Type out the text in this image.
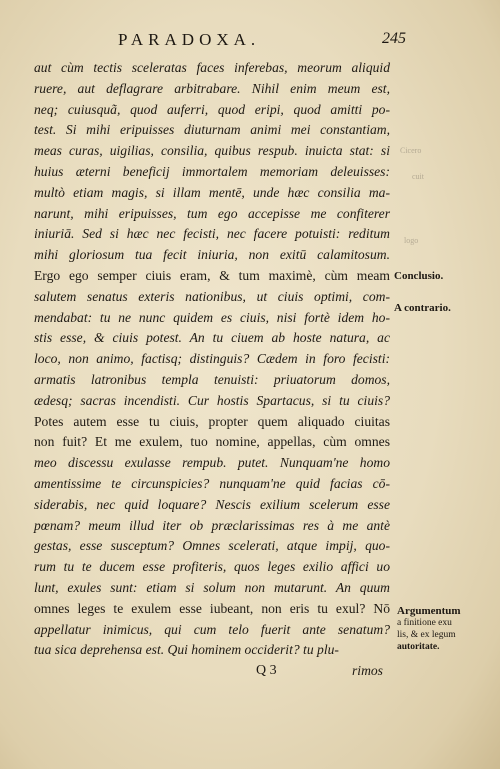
PARADOXA.	245
Cicero
cuit
logo
aut cùm tectis sceleratas faces inferebas, meorum aliquid
ruere, aut deflagrare arbitrabare. Nihil enim meum est,
neq; cuiusquã, quod auferri, quod eripi, quod amitti po-
test. Si mihi eripuisses diuturnam animi mei constantiam,
meas curas, uigilias, consilia, quibus respub. inuicta stat: si
huius æterni beneficij immortalem memoriam deleuisses:
multò etiam magis, si illam mentē, unde hæc consilia ma-
narunt, mihi eripuisses, tum ego accepisse me confiterer
iniuriā. Sed si hæc nec fecisti, nec facere potuisti: reditum
mihi gloriosum tua fecit iniuria, non exitū calamitosum.
Ergo ego semper ciuis eram, & tum maximè, cùm meam
salutem senatus exteris nationibus, ut ciuis optimi, com-
mendabat: tu ne nunc quidem es ciuis, nisi fortè idem ho-
stis esse, & ciuis potest. An tu ciuem ab hoste natura, ac
loco, non animo, factisq; distinguis? Cædem in foro fecisti:
armatis latronibus templa tenuisti: priuatorum domos,
ædesq; sacras incendisti. Cur hostis Spartacus, si tu ciuis?
Potes autem esse tu ciuis, propter quem aliquado ciuitas
non fuit? Et me exulem, tuo nomine, appellas, cùm omnes
meo discessu exulasse rempub. putet. Nunquam'ne homo
amentissime te circunspicies? nunquam'ne quid facias cō-
siderabis, nec quid loquare? Nescis exilium scelerum esse
pœnam? meum illud iter ob præclarissimas res à me antè
gestas, esse susceptum? Omnes scelerati, atque impij, quo-
rum tu te ducem esse profiteris, quos leges exilio affici uo
lunt, exules sunt: etiam si solum non mutarunt. An quum
omnes leges te exulem esse iubeant, non eris tu exul? Nō
appellatur inimicus, qui cum telo fuerit ante senatum?
tua sica deprehensa est. Qui hominem occiderit? tu plu-
Conclusio.
A contrario.
Argumentum
a finitione exu
lis, & ex legum
autoritate.
Q 3	rimos
